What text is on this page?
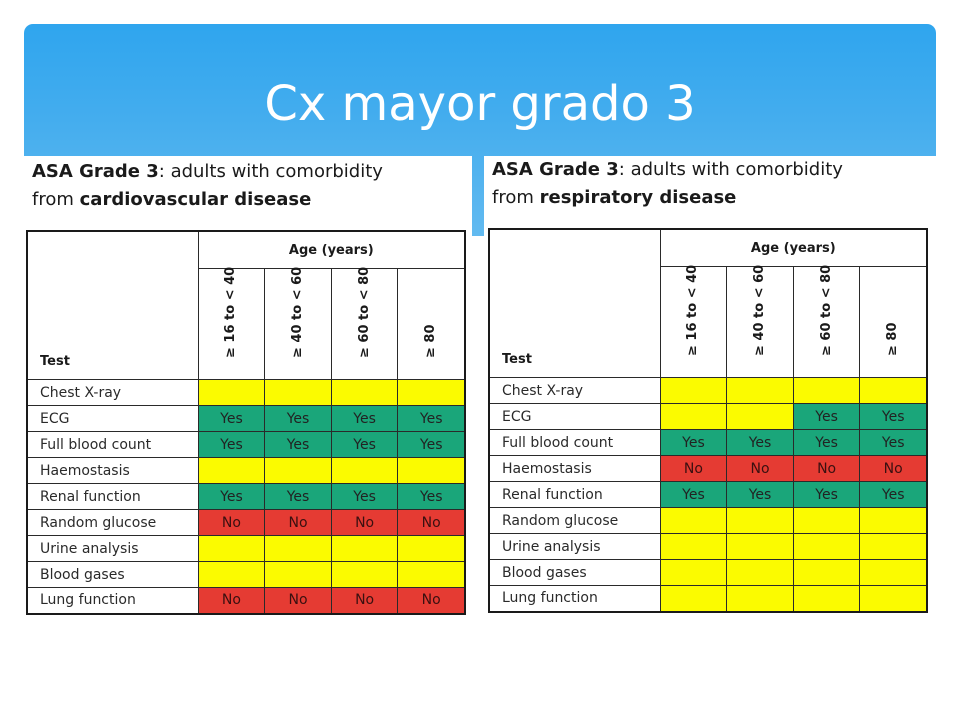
Cx mayor grado 3
ASA Grade 3: adults with comorbidity
from cardiovascular disease
Test	Age (years)			

	≥ 16 to < 40	≥ 40 to < 60	≥ 60 to < 80	≥ 80

Chest X-ray				
ECG	Yes	Yes	Yes	Yes
Full blood count	Yes	Yes	Yes	Yes
Haemostasis				
Renal function	Yes	Yes	Yes	Yes
Random glucose	No	No	No	No
Urine analysis				
Blood gases				
Lung function	No	No	No	No
ASA Grade 3: adults with comorbidity
from respiratory disease
Test	Age (years)			

	≥ 16 to < 40	≥ 40 to < 60	≥ 60 to < 80	≥ 80

Chest X-ray				
ECG			Yes	Yes
Full blood count	Yes	Yes	Yes	Yes
Haemostasis	No	No	No	No
Renal function	Yes	Yes	Yes	Yes
Random glucose				
Urine analysis				
Blood gases				
Lung function				
